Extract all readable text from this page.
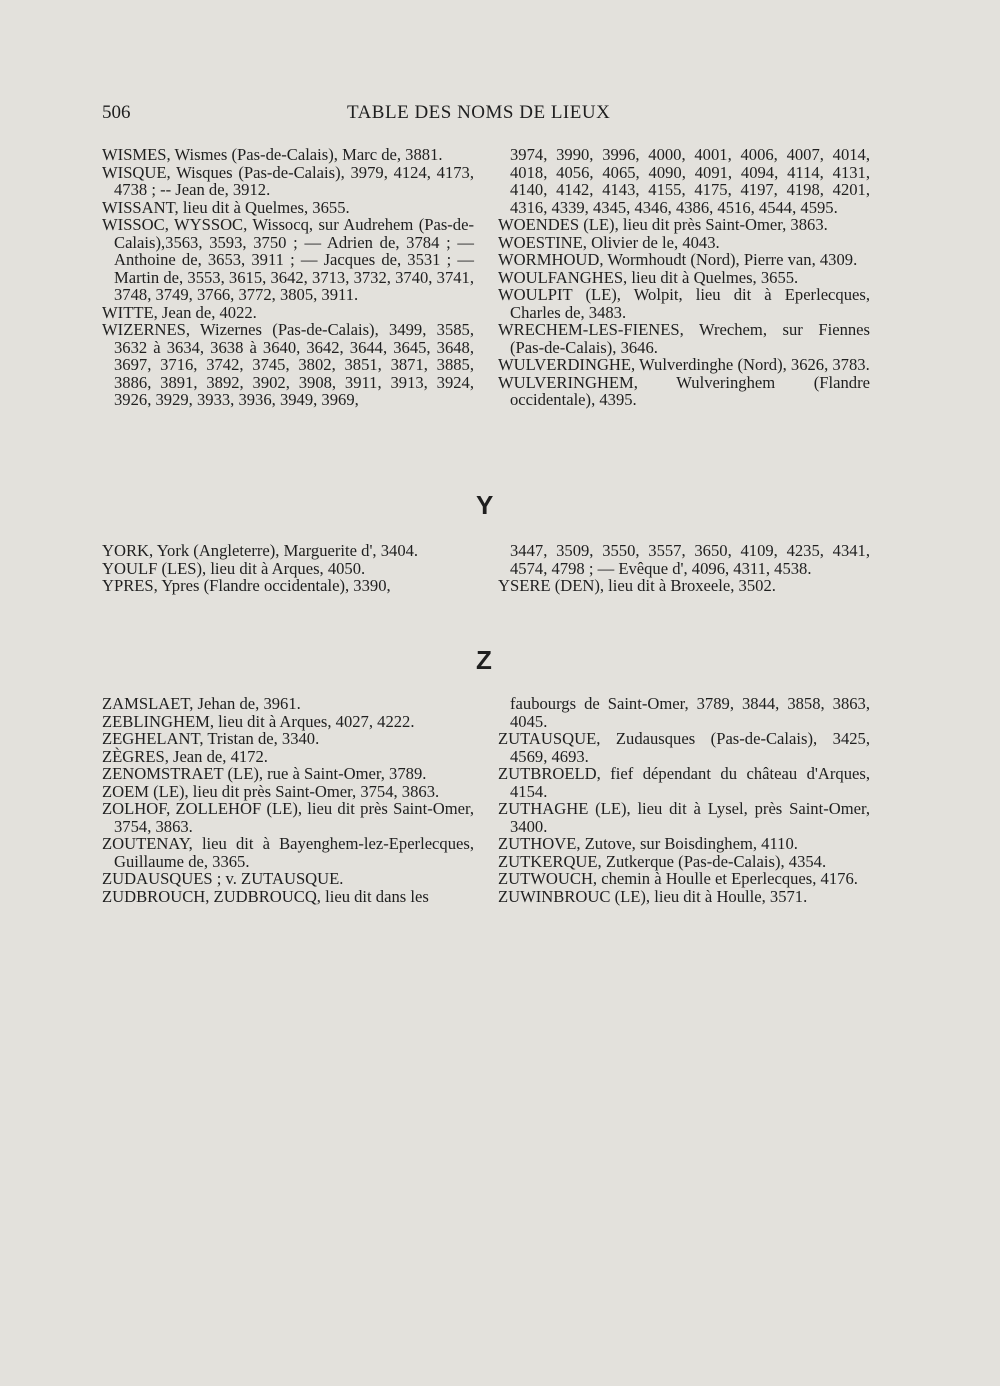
506	TABLE DES NOMS DE LIEUX
WISMES, Wismes (Pas-de-Calais), Marc de, 3881.
WISQUE, Wisques (Pas-de-Calais), 3979, 4124, 4173, 4738 ; -- Jean de, 3912.
WISSANT, lieu dit à Quelmes, 3655.
WISSOC, WYSSOC, Wissocq, sur Audrehem (Pas-de-Calais),3563, 3593, 3750 ; — Adrien de, 3784 ; — Anthoine de, 3653, 3911 ; — Jacques de, 3531 ; — Martin de, 3553, 3615, 3642, 3713, 3732, 3740, 3741, 3748, 3749, 3766, 3772, 3805, 3911.
WITTE, Jean de, 4022.
WIZERNES, Wizernes (Pas-de-Calais), 3499, 3585, 3632 à 3634, 3638 à 3640, 3642, 3644, 3645, 3648, 3697, 3716, 3742, 3745, 3802, 3851, 3871, 3885, 3886, 3891, 3892, 3902, 3908, 3911, 3913, 3924, 3926, 3929, 3933, 3936, 3949, 3969,
3974, 3990, 3996, 4000, 4001, 4006, 4007, 4014, 4018, 4056, 4065, 4090, 4091, 4094, 4114, 4131, 4140, 4142, 4143, 4155, 4175, 4197, 4198, 4201, 4316, 4339, 4345, 4346, 4386, 4516, 4544, 4595.
WOENDES (LE), lieu dit près Saint-Omer, 3863.
WOESTINE, Olivier de le, 4043.
WORMHOUD, Wormhoudt (Nord), Pierre van, 4309.
WOULFANGHES, lieu dit à Quelmes, 3655.
WOULPIT (LE), Wolpit, lieu dit à Eperlecques, Charles de, 3483.
WRECHEM-LES-FIENES, Wrechem, sur Fiennes (Pas-de-Calais), 3646.
WULVERDINGHE, Wulverdinghe (Nord), 3626, 3783.
WULVERINGHEM, Wulveringhem (Flandre occidentale), 4395.
Y
YORK, York (Angleterre), Marguerite d', 3404.
YOULF (LES), lieu dit à Arques, 4050.
YPRES, Ypres (Flandre occidentale), 3390,
3447, 3509, 3550, 3557, 3650, 4109, 4235, 4341, 4574, 4798 ; — Evêque d', 4096, 4311, 4538.
YSERE (DEN), lieu dit à Broxeele, 3502.
Z
ZAMSLAET, Jehan de, 3961.
ZEBLINGHEM, lieu dit à Arques, 4027, 4222.
ZEGHELANT, Tristan de, 3340.
ZÈGRES, Jean de, 4172.
ZENOMSTRAET (LE), rue à Saint-Omer, 3789.
ZOEM (LE), lieu dit près Saint-Omer, 3754, 3863.
ZOLHOF, ZOLLEHOF (LE), lieu dit près Saint-Omer, 3754, 3863.
ZOUTENAY, lieu dit à Bayenghem-lez-Eperlecques, Guillaume de, 3365.
ZUDAUSQUES ; v. ZUTAUSQUE.
ZUDBROUCH, ZUDBROUCQ, lieu dit dans les
faubourgs de Saint-Omer, 3789, 3844, 3858, 3863, 4045.
ZUTAUSQUE, Zudausques (Pas-de-Calais), 3425, 4569, 4693.
ZUTBROELD, fief dépendant du château d'Arques, 4154.
ZUTHAGHE (LE), lieu dit à Lysel, près Saint-Omer, 3400.
ZUTHOVE, Zutove, sur Boisdinghem, 4110.
ZUTKERQUE, Zutkerque (Pas-de-Calais), 4354.
ZUTWOUCH, chemin à Houlle et Eperlecques, 4176.
ZUWINBROUC (LE), lieu dit à Houlle, 3571.
